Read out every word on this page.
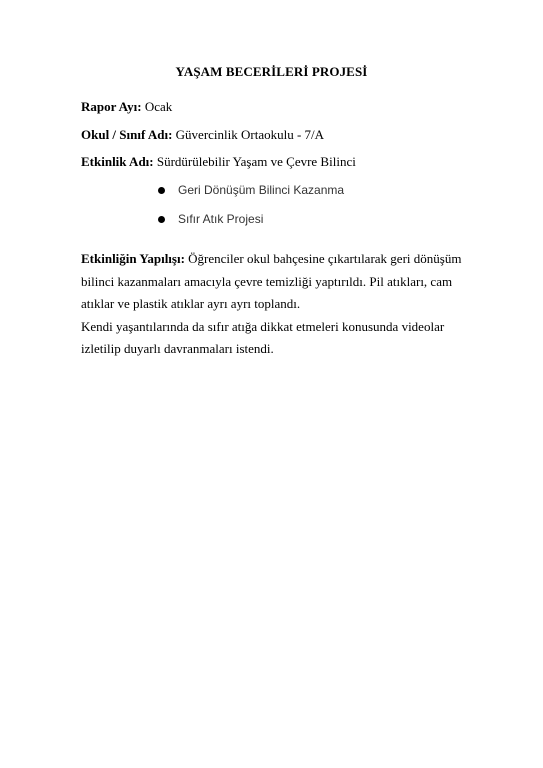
YAŞAM BECERİLERİ PROJESİ
Rapor Ayı: Ocak
Okul / Sınıf Adı: Güvercinlik Ortaokulu - 7/A
Etkinlik Adı: Sürdürülebilir Yaşam ve Çevre Bilinci
Geri Dönüşüm Bilinci Kazanma
Sıfır Atık Projesi
Etkinliğin Yapılışı: Öğrenciler okul bahçesine çıkartılarak geri dönüşüm
bilinci kazanmaları amacıyla çevre temizliği yaptırıldı. Pil atıkları, cam
atıklar ve plastik atıklar ayrı ayrı toplandı.
Kendi yaşantılarında da sıfır atığa dikkat etmeleri konusunda videolar
izletilip duyarlı davranmaları istendi.
